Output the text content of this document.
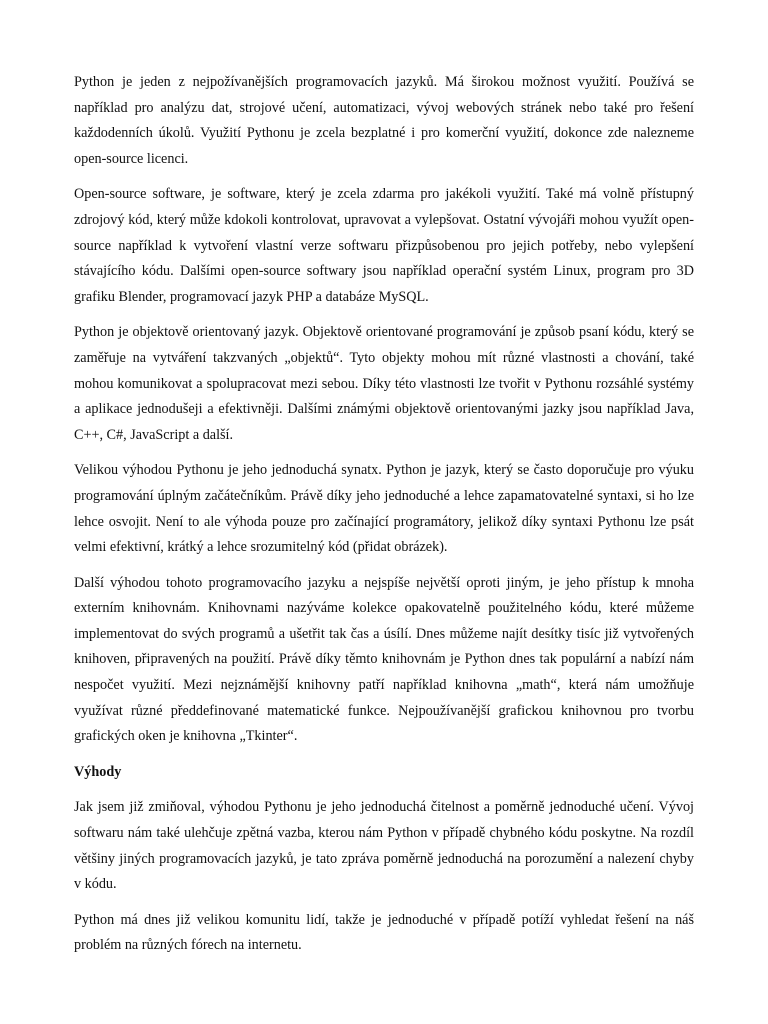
Python je jeden z nejpožívanějších programovacích jazyků. Má širokou možnost využití. Používá se například pro analýzu dat, strojové učení, automatizaci, vývoj webových stránek nebo také pro řešení každodenních úkolů. Využití Pythonu je zcela bezplatné i pro komerční využití, dokonce zde nalezneme open-source licenci.

Open-source software, je software, který je zcela zdarma pro jakékoli využití. Také má volně přístupný zdrojový kód, který může kdokoli kontrolovat, upravovat a vylepšovat. Ostatní vývojáři mohou využít open-source například k vytvoření vlastní verze softwaru přizpůsobenou pro jejich potřeby, nebo vylepšení stávajícího kódu. Dalšími open-source softwary jsou například operační systém Linux, program pro 3D grafiku Blender, programovací jazyk PHP a databáze MySQL.

Python je objektově orientovaný jazyk. Objektově orientované programování je způsob psaní kódu, který se zaměřuje na vytváření takzvaných „objektů“. Tyto objekty mohou mít různé vlastnosti a chování, také mohou komunikovat a spolupracovat mezi sebou. Díky této vlastnosti lze tvořit v Pythonu rozsáhlé systémy a aplikace jednodušeji a efektivněji. Dalšími známými objektově orientovanými jazky jsou například Java, C++, C#, JavaScript a další.

Velikou výhodou Pythonu je jeho jednoduchá synatx. Python je jazyk, který se často doporučuje pro výuku programování úplným začátečníkům. Právě díky jeho jednoduché a lehce zapamatovatelné syntaxi, si ho lze lehce osvojit. Není to ale výhoda pouze pro začínající programátory, jelikož díky syntaxi Pythonu lze psát velmi efektivní, krátký a lehce srozumitelný kód (přidat obrázek).

Další výhodou tohoto programovacího jazyku a nejspíše největší oproti jiným, je jeho přístup k mnoha externím knihovnám. Knihovnami nazýváme kolekce opakovatelně použitelného kódu, které můžeme implementovat do svých programů a ušetřit tak čas a úsílí. Dnes můžeme najít desítky tisíc již vytvořených knihoven, připravených na použití. Právě díky těmto knihovnám je Python dnes tak populární a nabízí nám nespočet využití. Mezi nejznámější knihovny patří například knihovna „math“, která nám umožňuje využívat různé předdefinované matematické funkce. Nejpoužívanější grafickou knihovnou pro tvorbu grafických oken je knihovna „Tkinter“.

Výhody

Jak jsem již zmiňoval, výhodou Pythonu je jeho jednoduchá čitelnost a poměrně jednoduché učení. Vývoj softwaru nám také ulehčuje zpětná vazba, kterou nám Python v případě chybného kódu poskytne. Na rozdíl většiny jiných programovacích jazyků, je tato zpráva poměrně jednoduchá na porozumění a nalezení chyby v kódu.

Python má dnes již velikou komunitu lidí, takže je jednoduché v případě potíží vyhledat řešení na náš problém na různých fórech na internetu.
